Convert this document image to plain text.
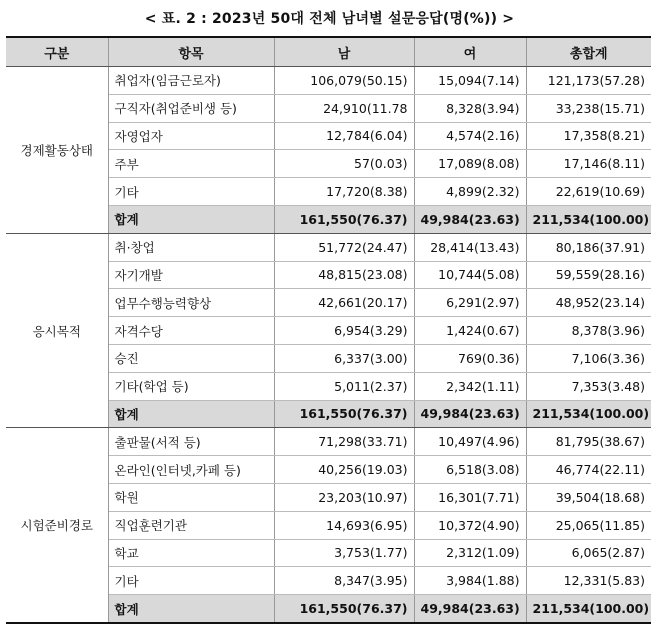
< 표. 2 : 2023년 50대 전체 남녀별 설문응답(명(%)) >
구분	항목	남	여	총합계
경제활동상태	취업자(임금근로자)	106,079(50.15)	15,094(7.14)	121,173(57.28)
	구직자(취업준비생 등)	24,910(11.78	8,328(3.94)	33,238(15.71)
	자영업자	12,784(6.04)	4,574(2.16)	17,358(8.21)
	주부	57(0.03)	17,089(8.08)	17,146(8.11)
	기타	17,720(8.38)	4,899(2.32)	22,619(10.69)
	합계	161,550(76.37)	49,984(23.63)	211,534(100.00)
응시목적	취·창업	51,772(24.47)	28,414(13.43)	80,186(37.91)
	자기개발	48,815(23.08)	10,744(5.08)	59,559(28.16)
	업무수행능력향상	42,661(20.17)	6,291(2.97)	48,952(23.14)
	자격수당	6,954(3.29)	1,424(0.67)	8,378(3.96)
	승진	6,337(3.00)	769(0.36)	7,106(3.36)
	기타(학업 등)	5,011(2.37)	2,342(1.11)	7,353(3.48)
	합계	161,550(76.37)	49,984(23.63)	211,534(100.00)
시험준비경로	출판물(서적 등)	71,298(33.71)	10,497(4.96)	81,795(38.67)
	온라인(인터넷,카페 등)	40,256(19.03)	6,518(3.08)	46,774(22.11)
	학원	23,203(10.97)	16,301(7.71)	39,504(18.68)
	직업훈련기관	14,693(6.95)	10,372(4.90)	25,065(11.85)
	학교	3,753(1.77)	2,312(1.09)	6,065(2.87)
	기타	8,347(3.95)	3,984(1.88)	12,331(5.83)
	합계	161,550(76.37)	49,984(23.63)	211,534(100.00)
